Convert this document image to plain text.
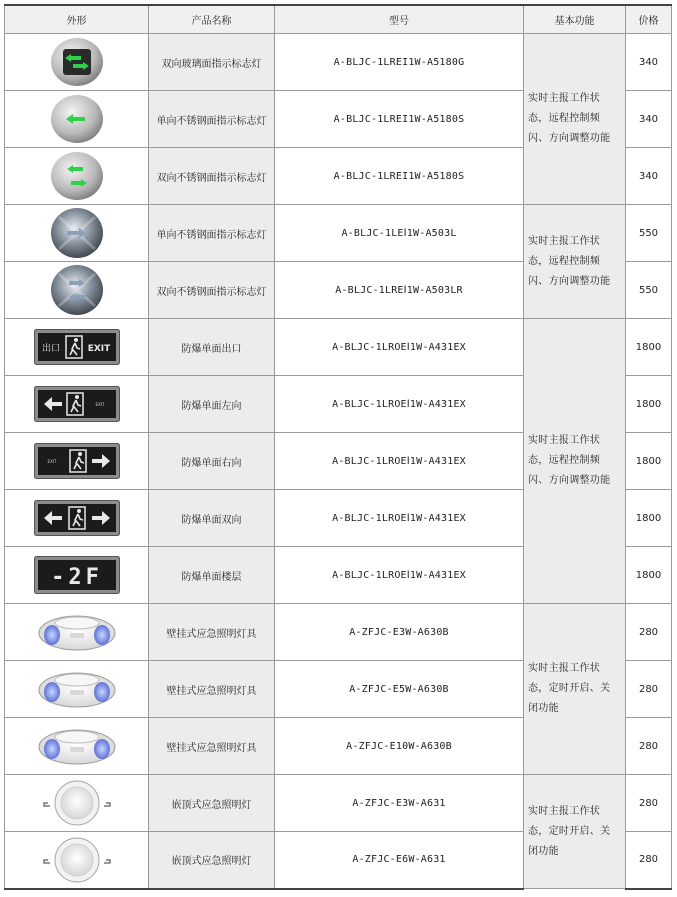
外形	产品名称	型号	基本功能	价格

	双向玻璃面指示标志灯	A-BLJC-1LREI1W-A5180G	实时主报工作状
态，远程控制频
闪、方向调整功能	340

	单向不锈钢面指示标志灯	A-BLJC-1LREI1W-A5180S		340

	双向不锈钢面指示标志灯	A-BLJC-1LREI1W-A5180S		340

	单向不锈钢面指示标志灯	A-BLJC-1LEⅠ1W-A503L	实时主报工作状
态，远程控制频
闪、方向调整功能	550

	双向不锈钢面指示标志灯	A-BLJC-1LREⅠ1W-A503LR		550

出口 EXIT	防爆单面出口	A-BLJC-1LROEⅠ1W-A431EX	实时主报工作状
态，远程控制频
闪、方向调整功能	1800

EXIT	防爆单面左向	A-BLJC-1LROEⅠ1W-A431EX		1800

EXIT	防爆单面右向	A-BLJC-1LROEⅠ1W-A431EX		1800

	防爆单面双向	A-BLJC-1LROEⅠ1W-A431EX		1800

-2F	防爆单面楼层	A-BLJC-1LROEⅠ1W-A431EX		1800

	壁挂式应急照明灯具	A-ZFJC-E3W-A630B	实时主报工作状
态，定时开启、关
闭功能	280

	壁挂式应急照明灯具	A-ZFJC-E5W-A630B		280

	壁挂式应急照明灯具	A-ZFJC-E10W-A630B		280

	嵌顶式应急照明灯	A-ZFJC-E3W-A631	实时主报工作状
态，定时开启、关
闭功能	280

	嵌顶式应急照明灯	A-ZFJC-E6W-A631		280
